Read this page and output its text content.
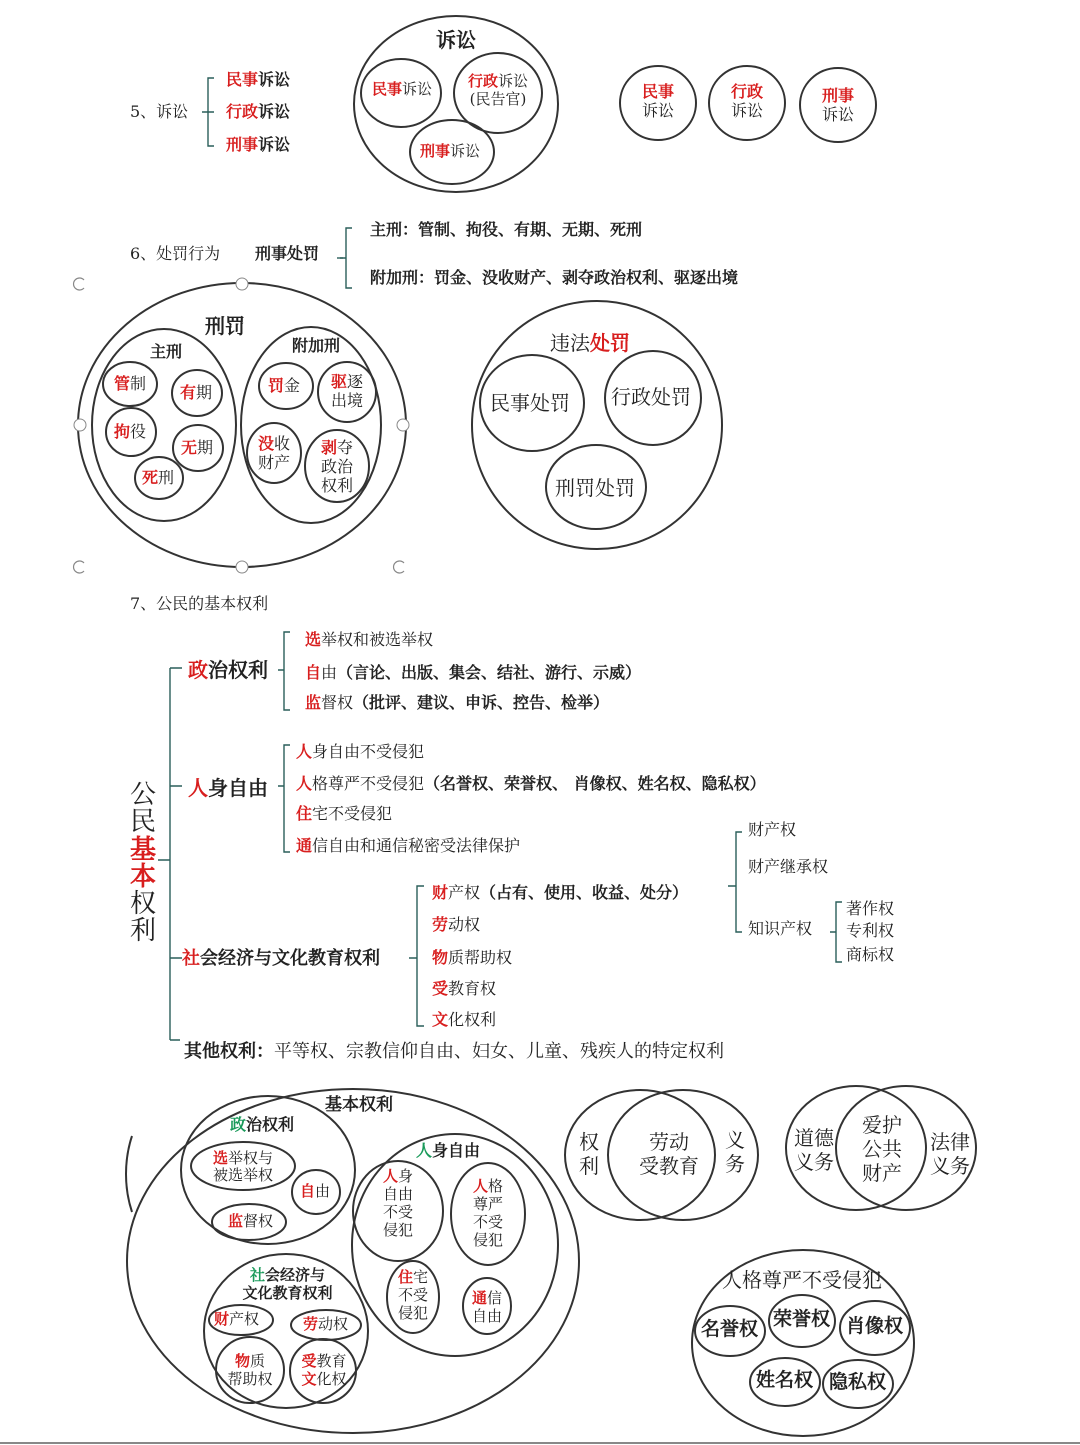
5、诉讼
民事诉讼
行政诉讼
刑事诉讼
诉讼
民事诉讼	行政诉讼
(民告官)
刑事诉讼
民事
诉讼
行政
诉讼
刑事
诉讼
6、处罚行为 刑事处罚
主刑：管制、拘役、有期、无期、死刑
附加刑：罚金、没收财产、剥夺政治权利、驱逐出境
刑罚
主刑	附加刑
管制 有期
拘役
无期
死刑
罚金	驱逐
出境
没收
财产
剥夺
政治
权利
违法处罚
民事处罚 行政处罚
刑罚处罚
7、公民的基本权利
公
民
基
本
权
利
政治权利
选举权和被选举权
自由（言论、出版、集会、结社、游行、示威）
监督权（批评、建议、申诉、控告、检举）
人身自由
人身自由不受侵犯
人格尊严不受侵犯（名誉权、荣誉权、 肖像权、姓名权、隐私权）
住宅不受侵犯
通信自由和通信秘密受法律保护
社会经济与文化教育权利
财产权（占有、使用、收益、处分）
劳动权
物质帮助权
受教育权
文化权利
财产权
财产继承权
知识产权
著作权
专利权
商标权
其他权利：平等权、宗教信仰自由、妇女、儿童、残疾人的特定权利
基本权利
政治权利
选举权与
被选举权
自由
监督权
人身自由
人身
自由
不受
侵犯
人格
尊严
不受
侵犯
住宅
不受
侵犯
通信
自由
社会经济与
文化教育权利
财产权	劳动权
物质
帮助权
受教育
文化权
权
利
劳动
受教育
义
务
道德
义务
爱护
公共
财产
法律
义务
人格尊严不受侵犯
名誉权 荣誉权 肖像权
姓名权 隐私权
